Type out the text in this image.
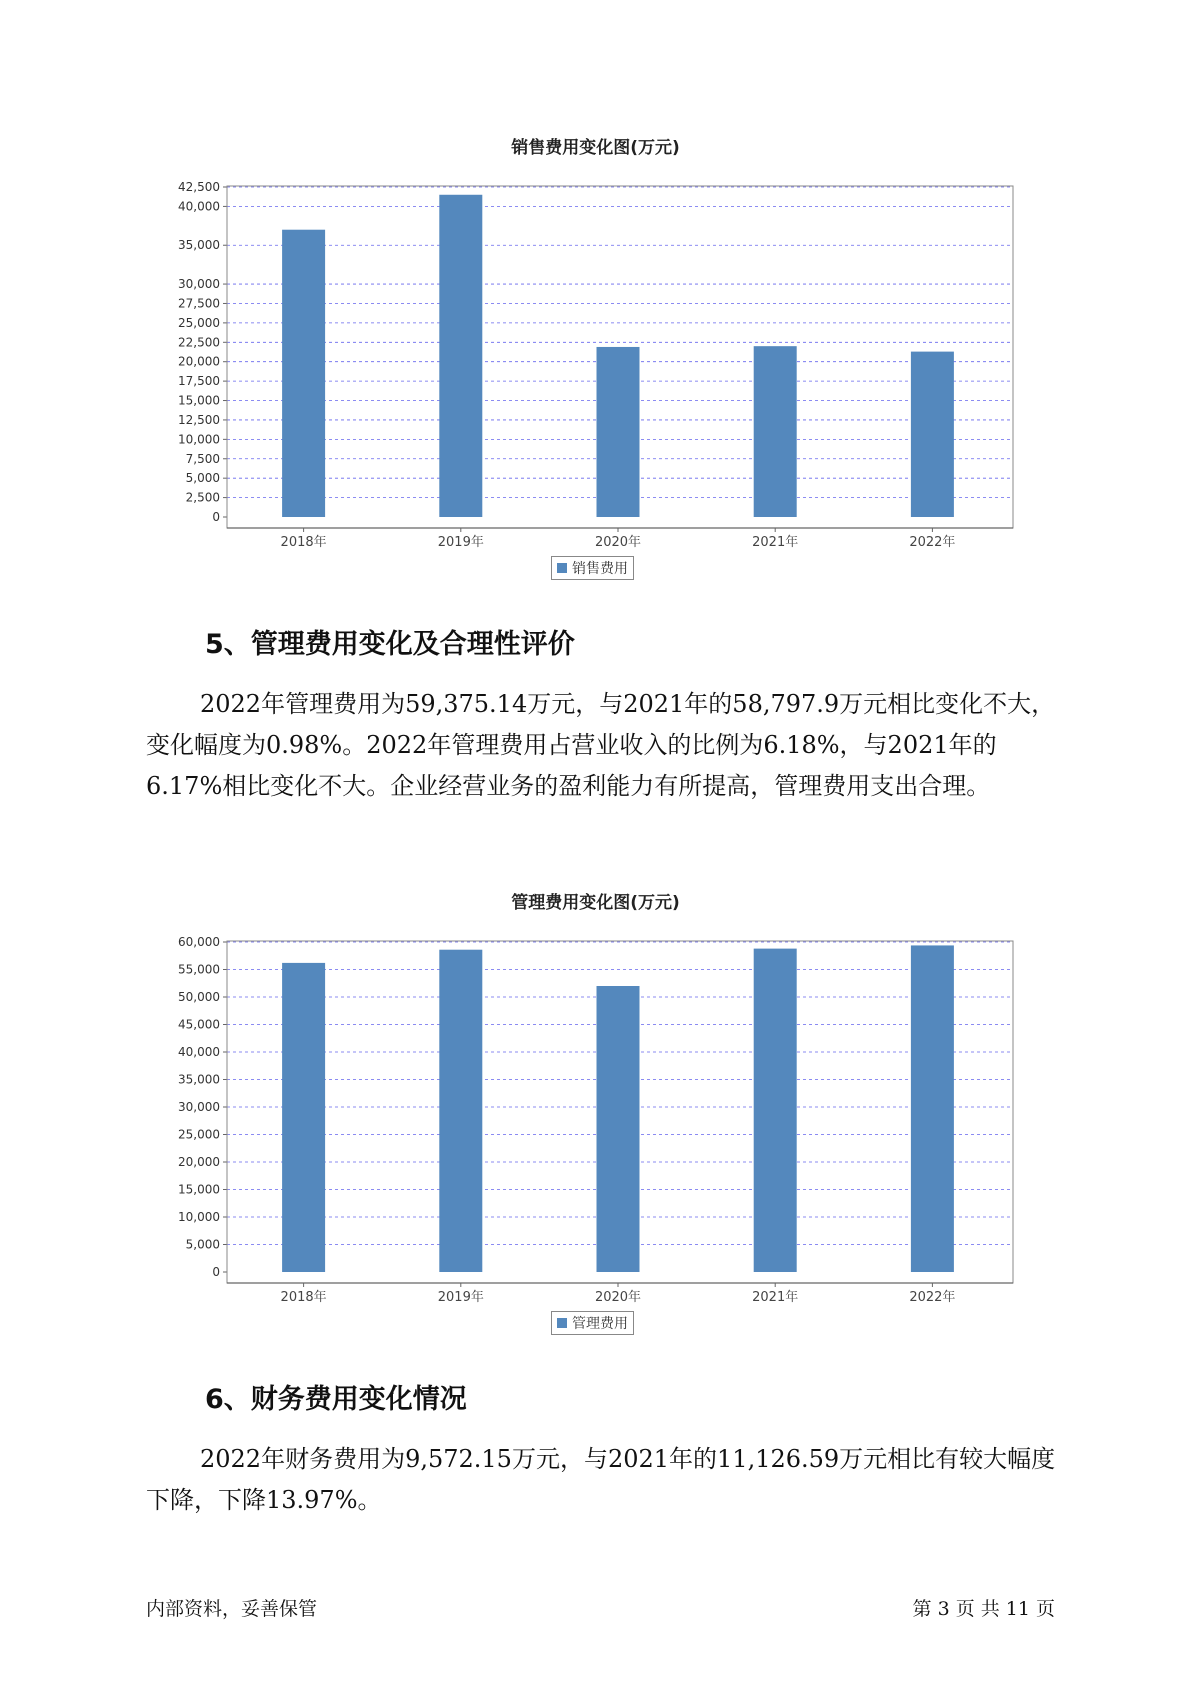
销售费用变化图(万元)
0
2,500
5,000
7,500
10,000
12,500
15,000
17,500
20,000
22,500
25,000
27,500
30,000
35,000
40,000
42,500
2018年	2019年	2020年	2021年	2022年
销售费用
5、管理费用变化及合理性评价
2022年管理费用为59,375.14万元，与2021年的58,797.9万元相比变化不大，变化幅度为0.98%。2022年管理费用占营业收入的比例为6.18%，与2021年的6.17%相比变化不大。企业经营业务的盈利能力有所提高，管理费用支出合理。
管理费用变化图(万元)
0
5,000
10,000
15,000
20,000
25,000
30,000
35,000
40,000
45,000
50,000
55,000
60,000
2018年	2019年	2020年	2021年	2022年
管理费用
6、财务费用变化情况
2022年财务费用为9,572.15万元，与2021年的11,126.59万元相比有较大幅度下降，下降13.97%。
内部资料，妥善保管	第 3 页 共 11 页
